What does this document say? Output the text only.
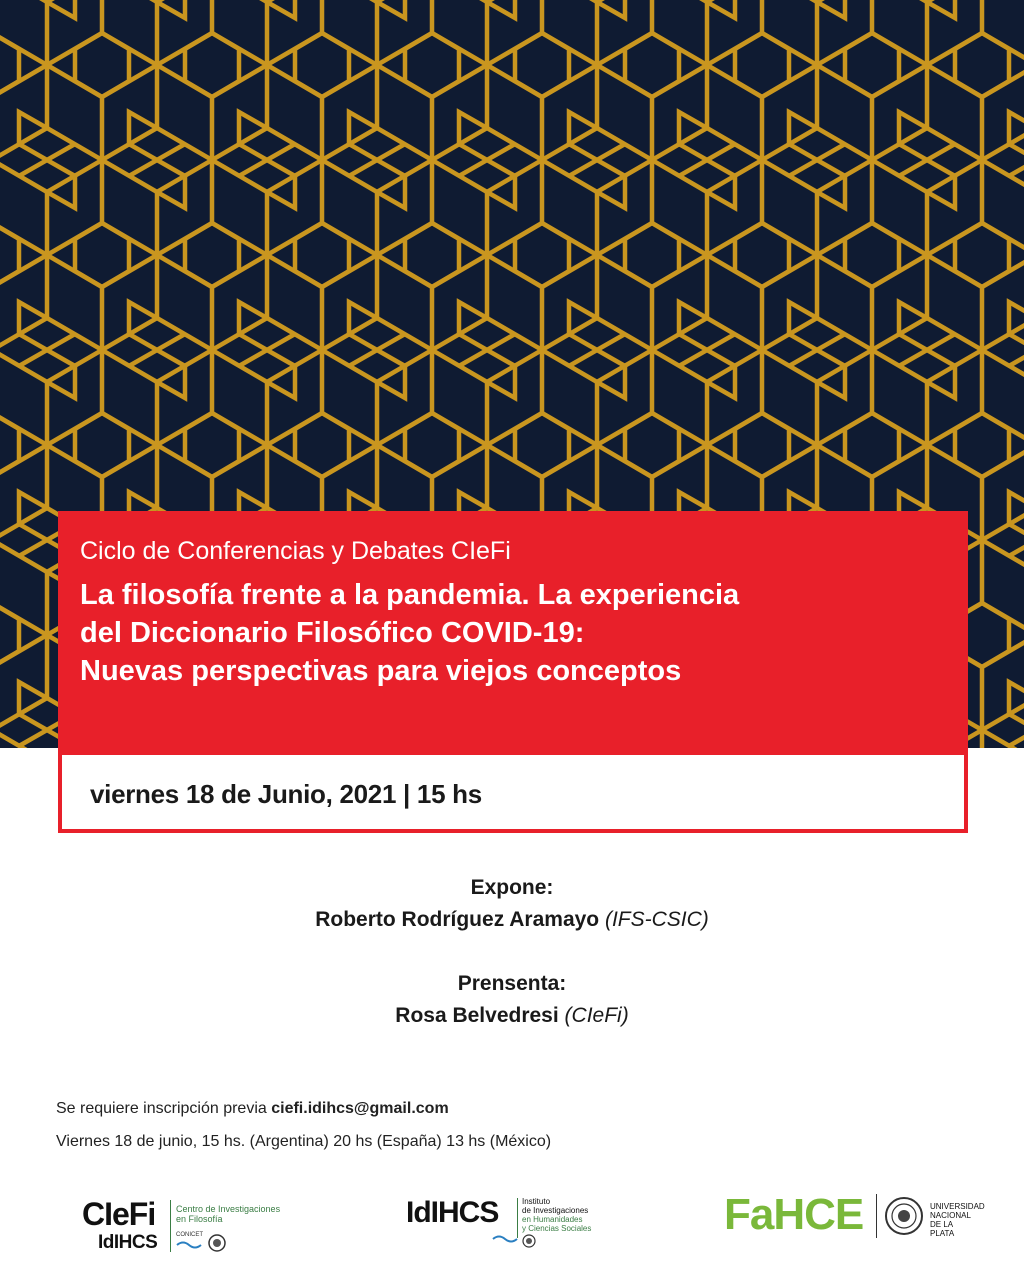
Ciclo de Conferencias y Debates CIeFi

La filosofía frente a la pandemia. La experiencia

del Diccionario Filosófico COVID-19:

Nuevas perspectivas para viejos conceptos

viernes 18 de Junio, 2021 | 15 hs
Expone:
Roberto Rodríguez Aramayo (IFS-CSIC)
Prensenta:
Rosa Belvedresi (CIeFi)
Se requiere inscripción previa ciefi.idihcs@gmail.com
Viernes 18 de junio, 15 hs. (Argentina) 20 hs (España) 13 hs (México)
CIeFi
IdIHCS
Centro de Investigaciones
en Filosofía
CONICET
IdIHCS	Instituto
de Investigaciones
en Humanidades
y Ciencias Sociales	FaHCE	UNIVERSIDAD
NACIONAL
DE LA PLATA
